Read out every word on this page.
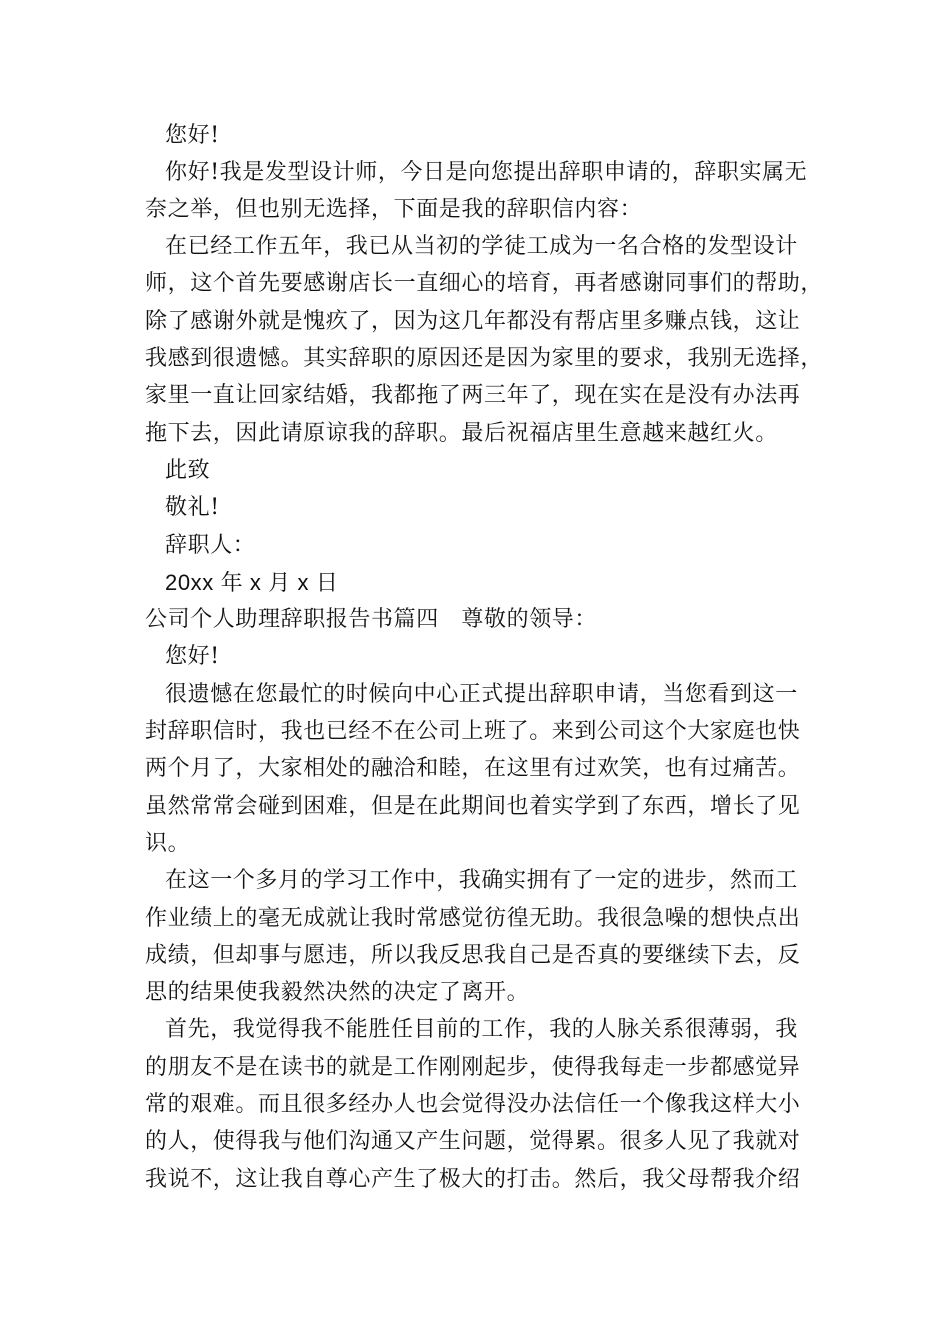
您好!
你好!我是发型设计师，今日是向您提出辞职申请的，辞职实属无
奈之举，但也别无选择，下面是我的辞职信内容：
在已经工作五年，我已从当初的学徒工成为一名合格的发型设计
师，这个首先要感谢店长一直细心的培育，再者感谢同事们的帮助，
除了感谢外就是愧疚了，因为这几年都没有帮店里多赚点钱，这让
我感到很遗憾。其实辞职的原因还是因为家里的要求，我别无选择，
家里一直让回家结婚，我都拖了两三年了，现在实在是没有办法再
拖下去，因此请原谅我的辞职。最后祝福店里生意越来越红火。
此致
敬礼!
辞职人：
20xx 年 x 月 x 日
公司个人助理辞职报告书篇四　尊敬的领导：
您好!
很遗憾在您最忙的时候向中心正式提出辞职申请，当您看到这一
封辞职信时，我也已经不在公司上班了。来到公司这个大家庭也快
两个月了，大家相处的融洽和睦，在这里有过欢笑，也有过痛苦。
虽然常常会碰到困难，但是在此期间也着实学到了东西，增长了见
识。
在这一个多月的学习工作中，我确实拥有了一定的进步，然而工
作业绩上的毫无成就让我时常感觉彷徨无助。我很急噪的想快点出
成绩，但却事与愿违，所以我反思我自己是否真的要继续下去，反
思的结果使我毅然决然的决定了离开。
首先，我觉得我不能胜任目前的工作，我的人脉关系很薄弱，我
的朋友不是在读书的就是工作刚刚起步，使得我每走一步都感觉异
常的艰难。而且很多经办人也会觉得没办法信任一个像我这样大小
的人，使得我与他们沟通又产生问题，觉得累。很多人见了我就对
我说不，这让我自尊心产生了极大的打击。然后，我父母帮我介绍
